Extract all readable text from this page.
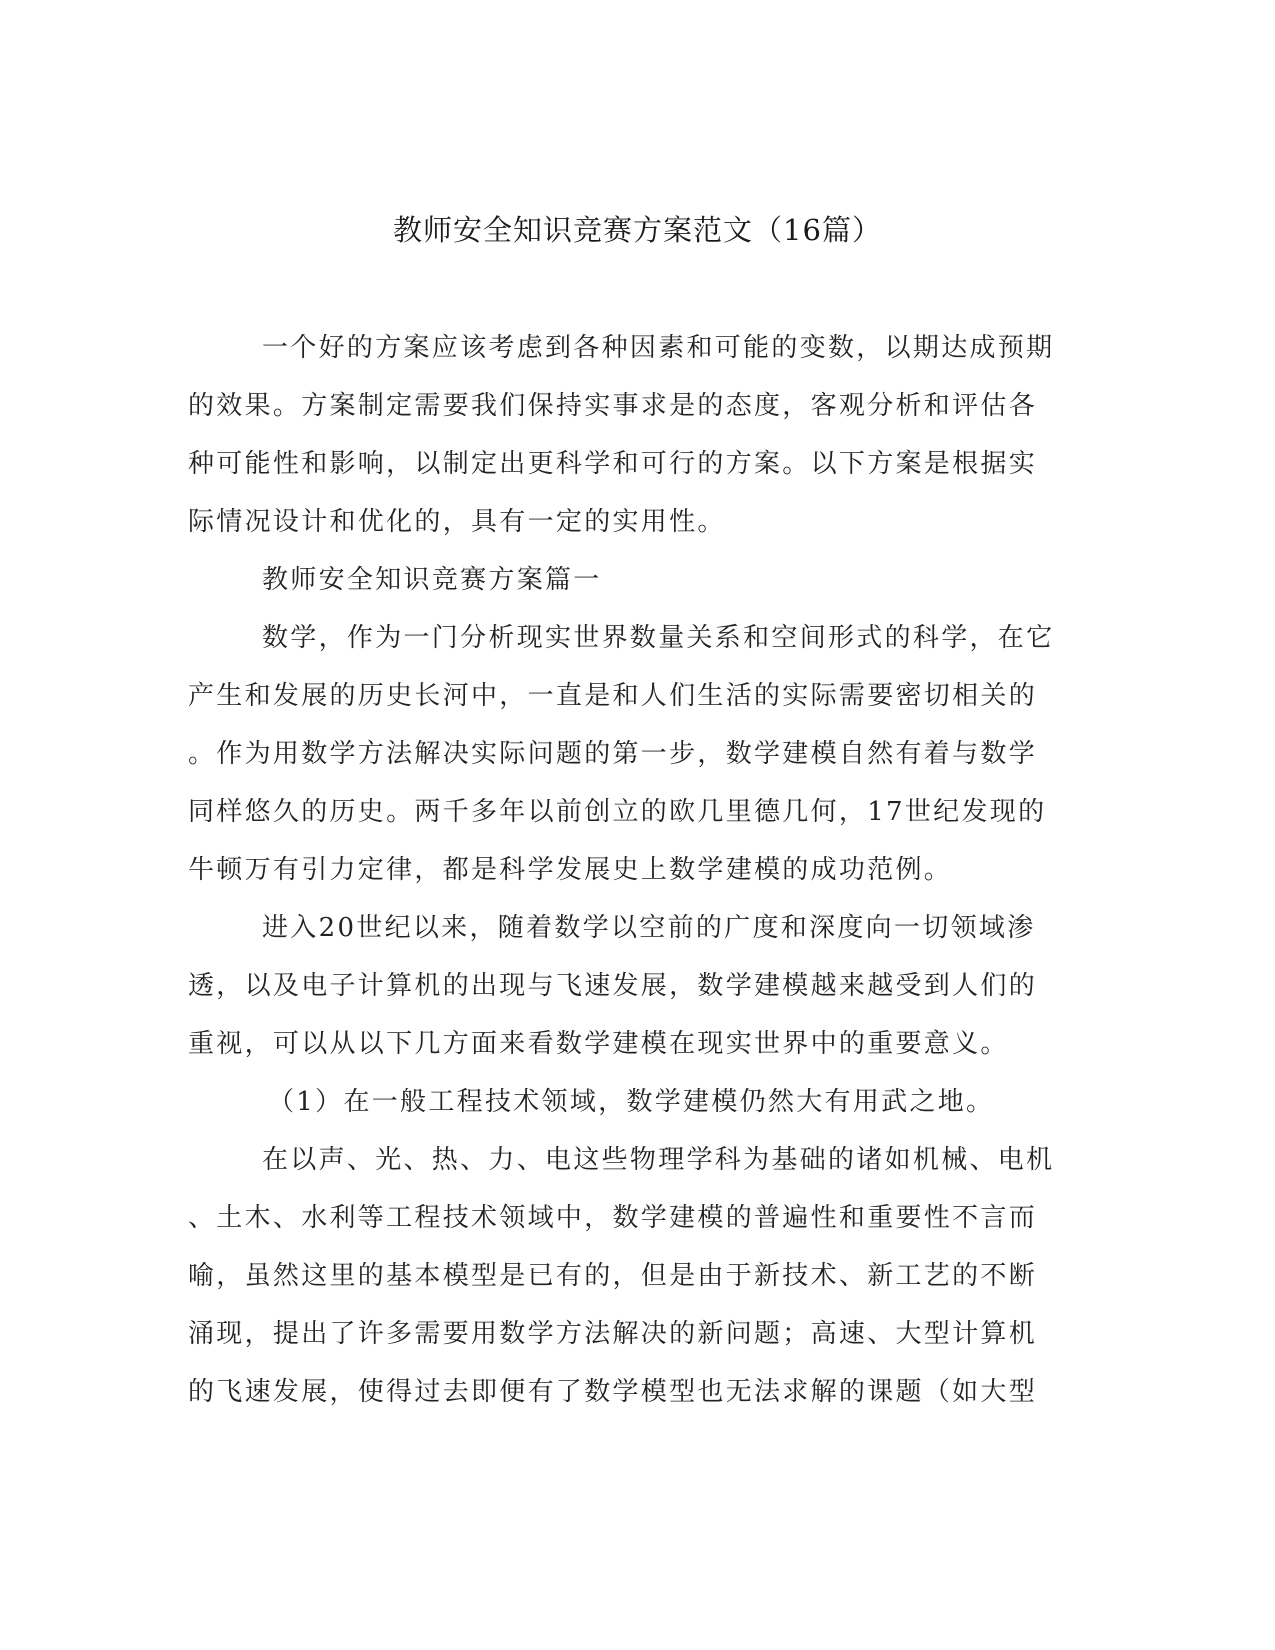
教师安全知识竞赛方案范文（16篇）

一个好的方案应该考虑到各种因素和可能的变数，以期达成预期

的效果。方案制定需要我们保持实事求是的态度，客观分析和评估各

种可能性和影响，以制定出更科学和可行的方案。以下方案是根据实

际情况设计和优化的，具有一定的实用性。

教师安全知识竞赛方案篇一

数学，作为一门分析现实世界数量关系和空间形式的科学，在它

产生和发展的历史长河中，一直是和人们生活的实际需要密切相关的

。作为用数学方法解决实际问题的第一步，数学建模自然有着与数学

同样悠久的历史。两千多年以前创立的欧几里德几何，17世纪发现的

牛顿万有引力定律，都是科学发展史上数学建模的成功范例。

进入20世纪以来，随着数学以空前的广度和深度向一切领域渗

透，以及电子计算机的出现与飞速发展，数学建模越来越受到人们的

重视，可以从以下几方面来看数学建模在现实世界中的重要意义。

（1）在一般工程技术领域，数学建模仍然大有用武之地。

在以声、光、热、力、电这些物理学科为基础的诸如机械、电机

、土木、水利等工程技术领域中，数学建模的普遍性和重要性不言而

喻，虽然这里的基本模型是已有的，但是由于新技术、新工艺的不断

涌现，提出了许多需要用数学方法解决的新问题；高速、大型计算机

的飞速发展，使得过去即便有了数学模型也无法求解的课题（如大型
